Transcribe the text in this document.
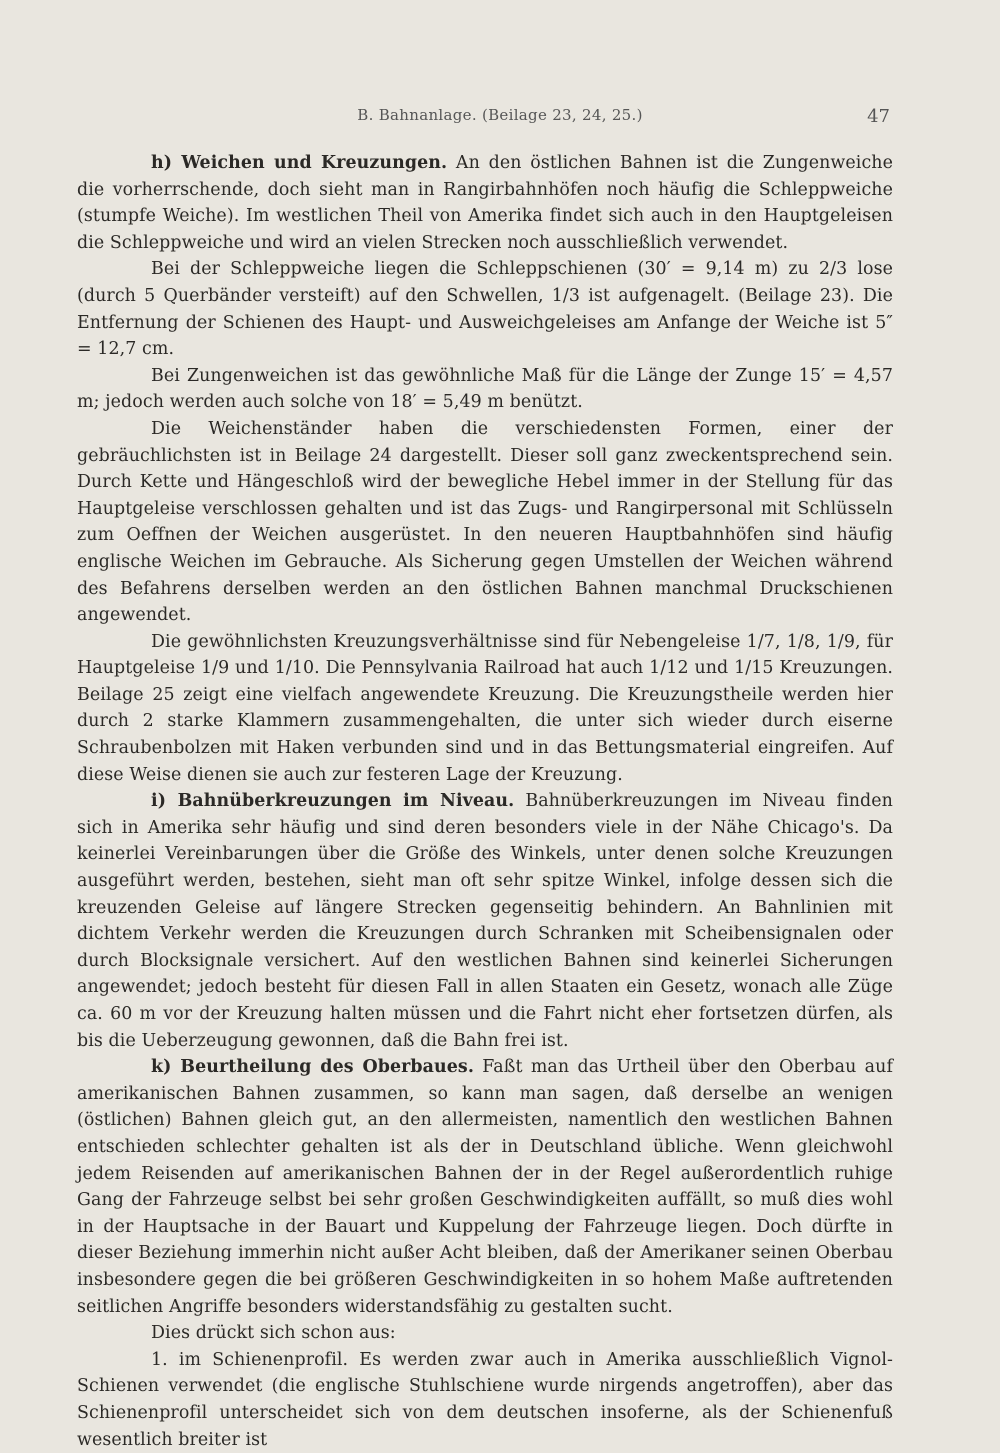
B. Bahnanlage. (Beilage 23, 24, 25.)	47

h) Weichen und Kreuzungen. An den östlichen Bahnen ist die Zungenweiche die vorherrschende, doch sieht man in Rangirbahnhöfen noch häufig die Schleppweiche (stumpfe Weiche). Im westlichen Theil von Amerika findet sich auch in den Hauptgeleisen die Schleppweiche und wird an vielen Strecken noch ausschließlich verwendet.

Bei der Schleppweiche liegen die Schleppschienen (30′ = 9,14 m) zu 2/3 lose (durch 5 Querbänder versteift) auf den Schwellen, 1/3 ist aufgenagelt. (Beilage 23). Die Entfernung der Schienen des Haupt- und Ausweichgeleises am Anfange der Weiche ist 5″ = 12,7 cm.

Bei Zungenweichen ist das gewöhnliche Maß für die Länge der Zunge 15′ = 4,57 m; jedoch werden auch solche von 18′ = 5,49 m benützt.

Die Weichenständer haben die verschiedensten Formen, einer der gebräuchlichsten ist in Beilage 24 dargestellt. Dieser soll ganz zweckentsprechend sein. Durch Kette und Hängeschloß wird der bewegliche Hebel immer in der Stellung für das Hauptgeleise verschlossen gehalten und ist das Zugs- und Rangirpersonal mit Schlüsseln zum Oeffnen der Weichen ausgerüstet. In den neueren Hauptbahnhöfen sind häufig englische Weichen im Gebrauche. Als Sicherung gegen Umstellen der Weichen während des Befahrens derselben werden an den östlichen Bahnen manchmal Druckschienen angewendet.

Die gewöhnlichsten Kreuzungsverhältnisse sind für Nebengeleise 1/7, 1/8, 1/9, für Hauptgeleise 1/9 und 1/10. Die Pennsylvania Railroad hat auch 1/12 und 1/15 Kreuzungen. Beilage 25 zeigt eine vielfach angewendete Kreuzung. Die Kreuzungstheile werden hier durch 2 starke Klammern zusammengehalten, die unter sich wieder durch eiserne Schraubenbolzen mit Haken verbunden sind und in das Bettungsmaterial eingreifen. Auf diese Weise dienen sie auch zur festeren Lage der Kreuzung.

i) Bahnüberkreuzungen im Niveau. Bahnüberkreuzungen im Niveau finden sich in Amerika sehr häufig und sind deren besonders viele in der Nähe Chicago's. Da keinerlei Vereinbarungen über die Größe des Winkels, unter denen solche Kreuzungen ausgeführt werden, bestehen, sieht man oft sehr spitze Winkel, infolge dessen sich die kreuzenden Geleise auf längere Strecken gegenseitig behindern. An Bahnlinien mit dichtem Verkehr werden die Kreuzungen durch Schranken mit Scheibensignalen oder durch Blocksignale versichert. Auf den westlichen Bahnen sind keinerlei Sicherungen angewendet; jedoch besteht für diesen Fall in allen Staaten ein Gesetz, wonach alle Züge ca. 60 m vor der Kreuzung halten müssen und die Fahrt nicht eher fortsetzen dürfen, als bis die Ueberzeugung gewonnen, daß die Bahn frei ist.

k) Beurtheilung des Oberbaues. Faßt man das Urtheil über den Oberbau auf amerikanischen Bahnen zusammen, so kann man sagen, daß derselbe an wenigen (östlichen) Bahnen gleich gut, an den allermeisten, namentlich den westlichen Bahnen entschieden schlechter gehalten ist als der in Deutschland übliche. Wenn gleichwohl jedem Reisenden auf amerikanischen Bahnen der in der Regel außerordentlich ruhige Gang der Fahrzeuge selbst bei sehr großen Geschwindigkeiten auffällt, so muß dies wohl in der Hauptsache in der Bauart und Kuppelung der Fahrzeuge liegen. Doch dürfte in dieser Beziehung immerhin nicht außer Acht bleiben, daß der Amerikaner seinen Oberbau insbesondere gegen die bei größeren Geschwindigkeiten in so hohem Maße auftretenden seitlichen Angriffe besonders widerstandsfähig zu gestalten sucht.

Dies drückt sich schon aus:

1. im Schienenprofil. Es werden zwar auch in Amerika ausschließlich Vignol-Schienen verwendet (die englische Stuhlschiene wurde nirgends angetroffen), aber das Schienenprofil unterscheidet sich von dem deutschen insoferne, als der Schienenfuß wesentlich breiter ist
